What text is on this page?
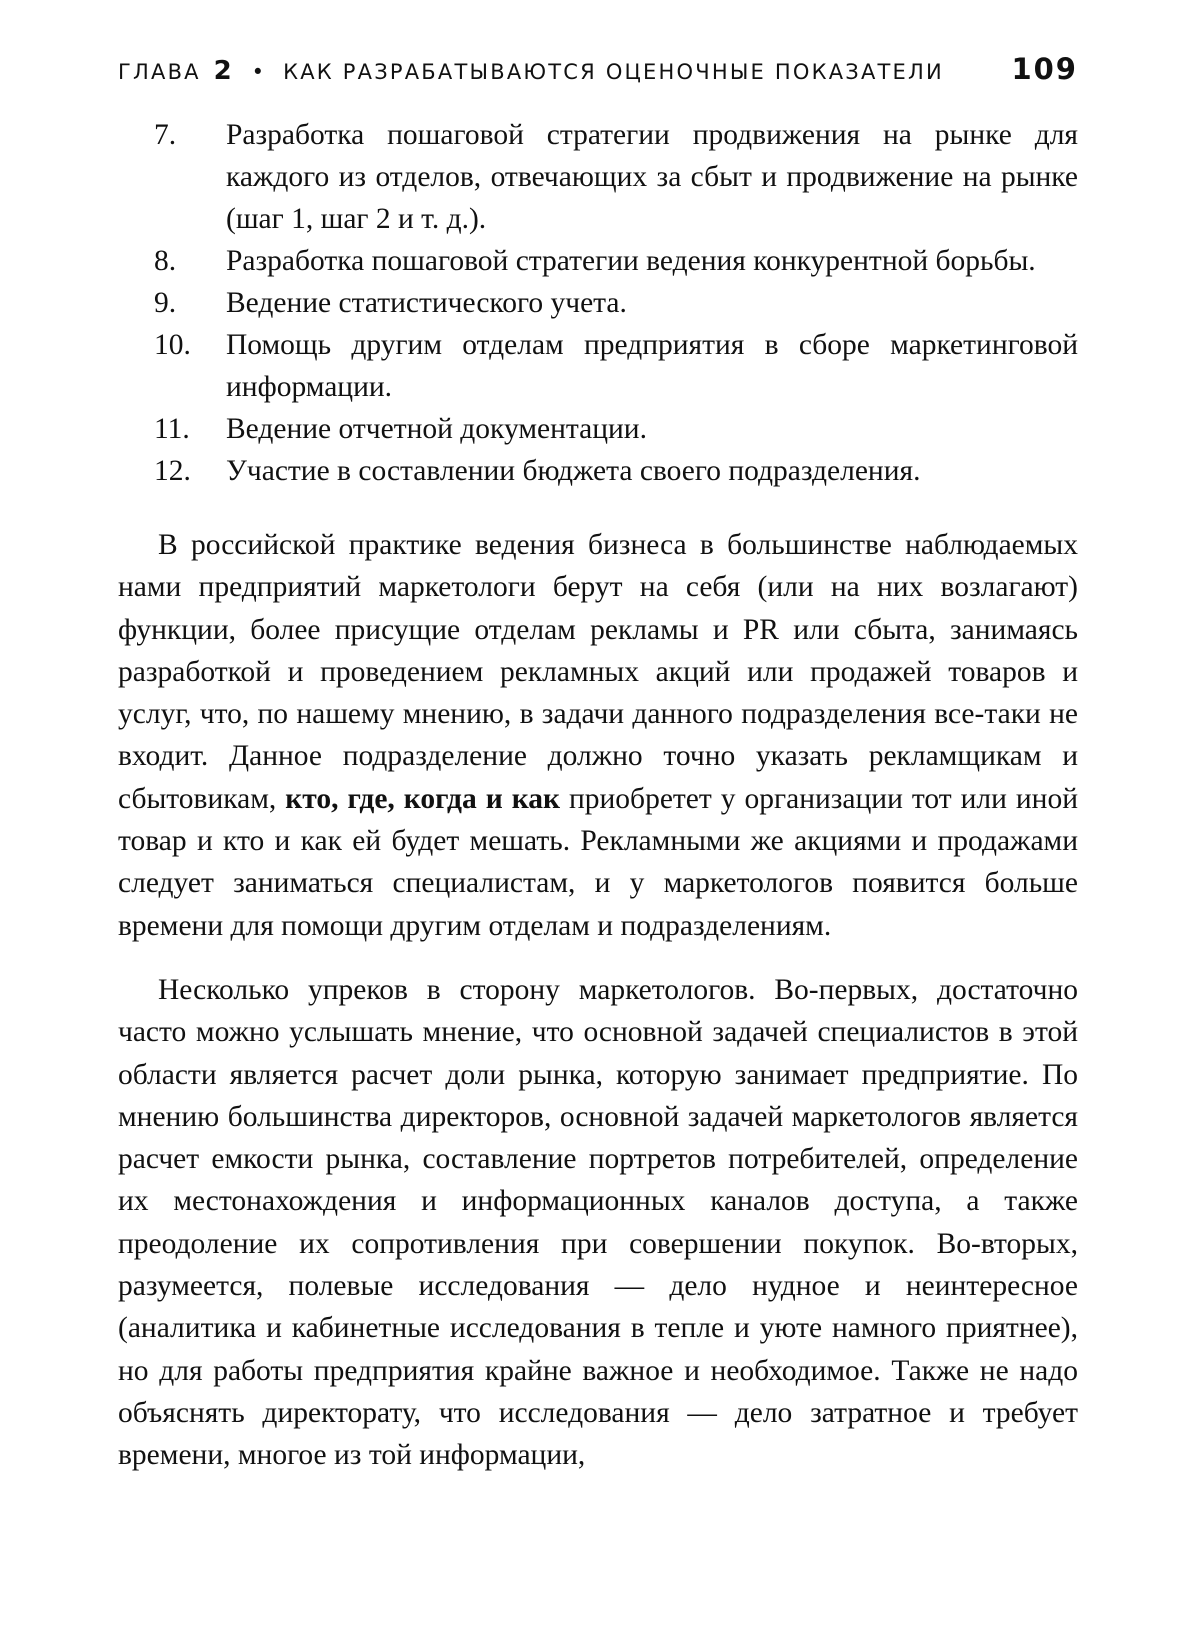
ГЛАВА 2 • КАК РАЗРАБАТЫВАЮТСЯ ОЦЕНОЧНЫЕ ПОКАЗАТЕЛИ 109
7.	Разработка пошаговой стратегии продвижения на рынке для каждого из отделов, отвечающих за сбыт и продвижение на рынке (шаг 1, шаг 2 и т. д.).
8.	Разработка пошаговой стратегии ведения конкурентной борьбы.
9.	Ведение статистического учета.
10.	Помощь другим отделам предприятия в сборе маркетинговой информации.
11.	Ведение отчетной документации.
12.	Участие в составлении бюджета своего подразделения.

В российской практике ведения бизнеса в большинстве наблюдаемых нами предприятий маркетологи берут на себя (или на них возлагают) функции, более присущие отделам рекламы и PR или сбыта, занимаясь разработкой и проведением рекламных акций или продажей товаров и услуг, что, по нашему мнению, в задачи данного подразделения все-таки не входит. Данное подразделение должно точно указать рекламщикам и сбытовикам, кто, где, когда и как приобретет у организации тот или иной товар и кто и как ей будет мешать. Рекламными же акциями и продажами следует заниматься специалистам, и у маркетологов появится больше времени для помощи другим отделам и подразделениям.

Несколько упреков в сторону маркетологов. Во-первых, достаточно часто можно услышать мнение, что основной задачей специалистов в этой области является расчет доли рынка, которую занимает предприятие. По мнению большинства директоров, основной задачей маркетологов является расчет емкости рынка, составление портретов потребителей, определение их местонахождения и информационных каналов доступа, а также преодоление их сопротивления при совершении покупок. Во-вторых, разумеется, полевые исследования — дело нудное и неинтересное (аналитика и кабинетные исследования в тепле и уюте намного приятнее), но для работы предприятия крайне важное и необходимое. Также не надо объяснять директорату, что исследования — дело затратное и требует времени, многое из той информации,
